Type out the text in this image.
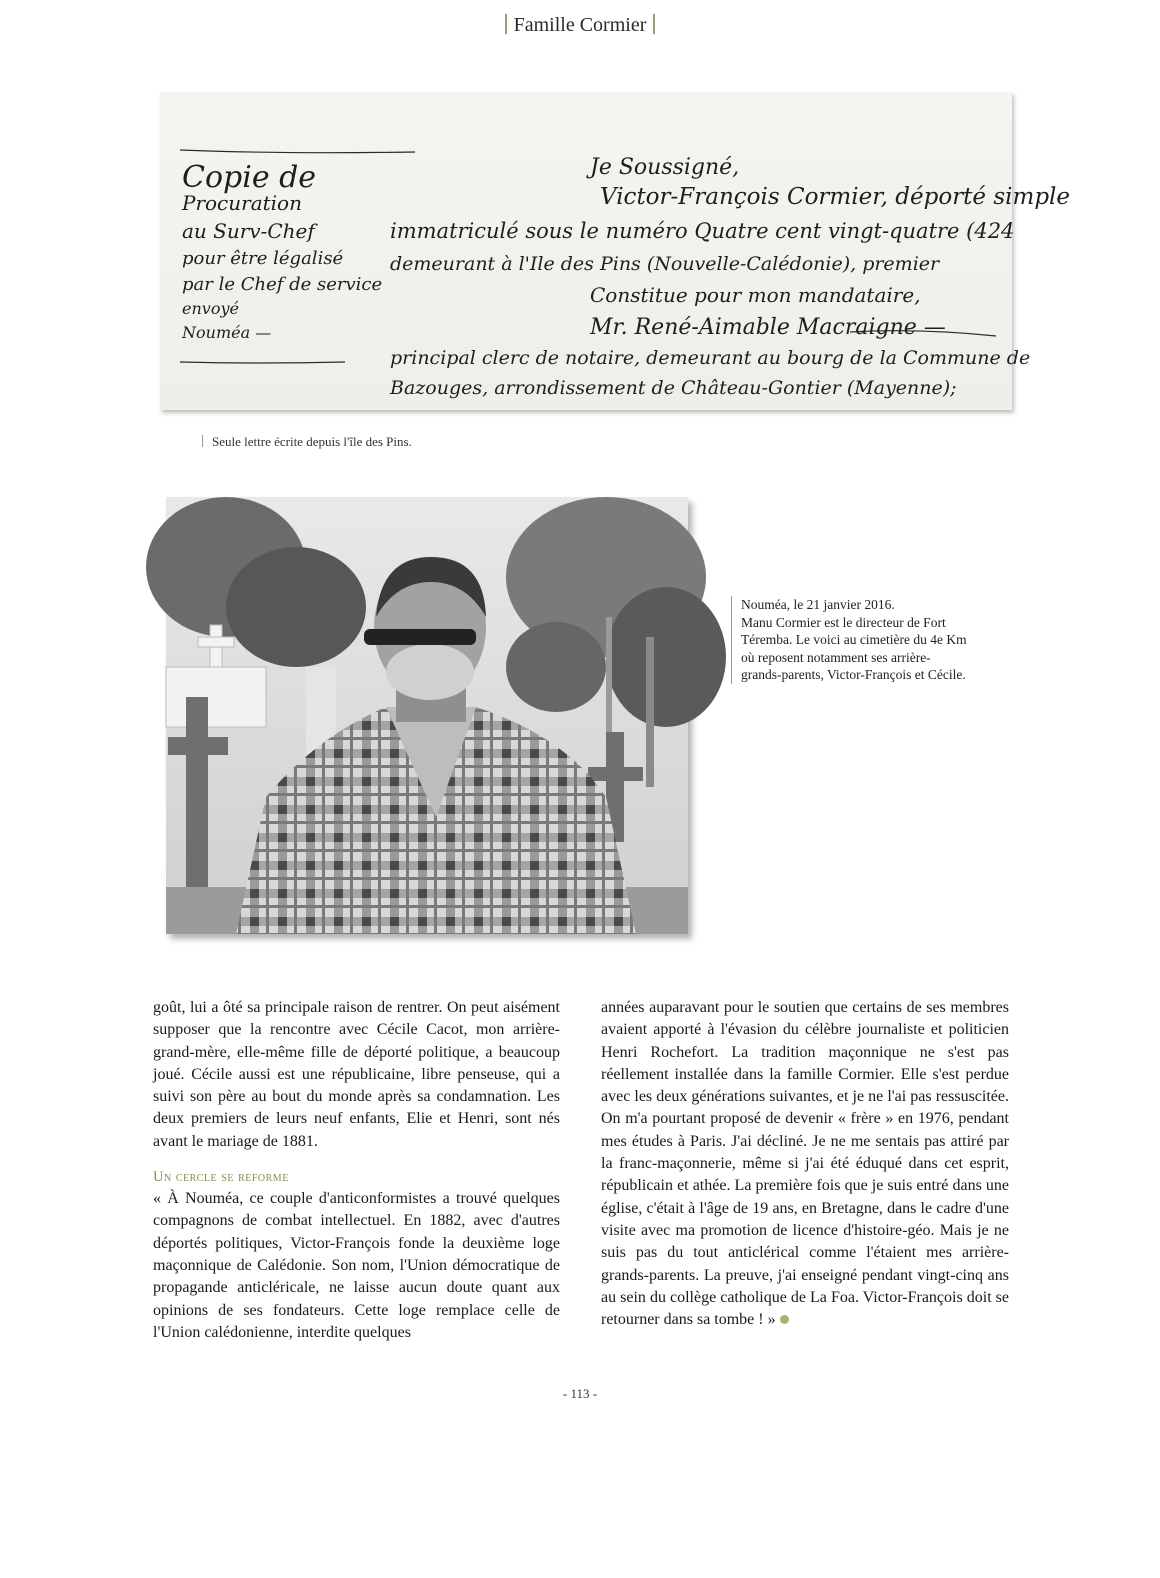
Famille Cormier
Copie de
Procuration
au Surv-Chef
pour être légalisé
par le Chef de service
envoyé
Nouméa —
Je Soussigné,
Victor-François Cormier, déporté simple
immatriculé sous le numéro Quatre cent vingt-quatre (424
demeurant à l'Ile des Pins (Nouvelle-Calédonie), premier
Constitue pour mon mandataire,
Mr. René-Aimable Macraigne —
principal clerc de notaire, demeurant au bourg de la Commune de
Bazouges, arrondissement de Château-Gontier (Mayenne);
Seule lettre écrite depuis l'île des Pins.

Nouméa, le 21 janvier 2016.

Manu Cormier est le directeur de Fort

Téremba. Le voici au cimetière du 4e Km

où reposent notamment ses arrière-

grands-parents, Victor-François et Cécile.

goût, lui a ôté sa principale raison de rentrer. On peut aisément supposer que la rencontre avec Cécile Cacot, mon arrière-grand-mère, elle-même fille de déporté politique, a beaucoup joué. Cécile aussi est une républicaine, libre penseuse, qui a suivi son père au bout du monde après sa condamnation. Les deux premiers de leurs neuf enfants, Elie et Henri, sont nés avant le mariage de 1881.

Un cercle se reforme

« À Nouméa, ce couple d'anticonformistes a trouvé quelques compagnons de combat intellectuel. En 1882, avec d'autres déportés politiques, Victor-François fonde la deuxième loge maçonnique de Calédonie. Son nom, l'Union démocratique de propagande anticléricale, ne laisse aucun doute quant aux opinions de ses fondateurs. Cette loge remplace celle de l'Union calédonienne, interdite quelques

années auparavant pour le soutien que certains de ses membres avaient apporté à l'évasion du célèbre journaliste et politicien Henri Rochefort. La tradition maçonnique ne s'est pas réellement installée dans la famille Cormier. Elle s'est perdue avec les deux générations suivantes, et je ne l'ai pas ressuscitée. On m'a pourtant proposé de devenir « frère » en 1976, pendant mes études à Paris. J'ai décliné. Je ne me sentais pas attiré par la franc-maçonnerie, même si j'ai été éduqué dans cet esprit, républicain et athée. La première fois que je suis entré dans une église, c'était à l'âge de 19 ans, en Bretagne, dans le cadre d'une visite avec ma promotion de licence d'histoire-géo. Mais je ne suis pas du tout anticlérical comme l'étaient mes arrière-grands-parents. La preuve, j'ai enseigné pendant vingt-cinq ans au sein du collège catholique de La Foa. Victor-François doit se retourner dans sa tombe ! »

- 113 -
